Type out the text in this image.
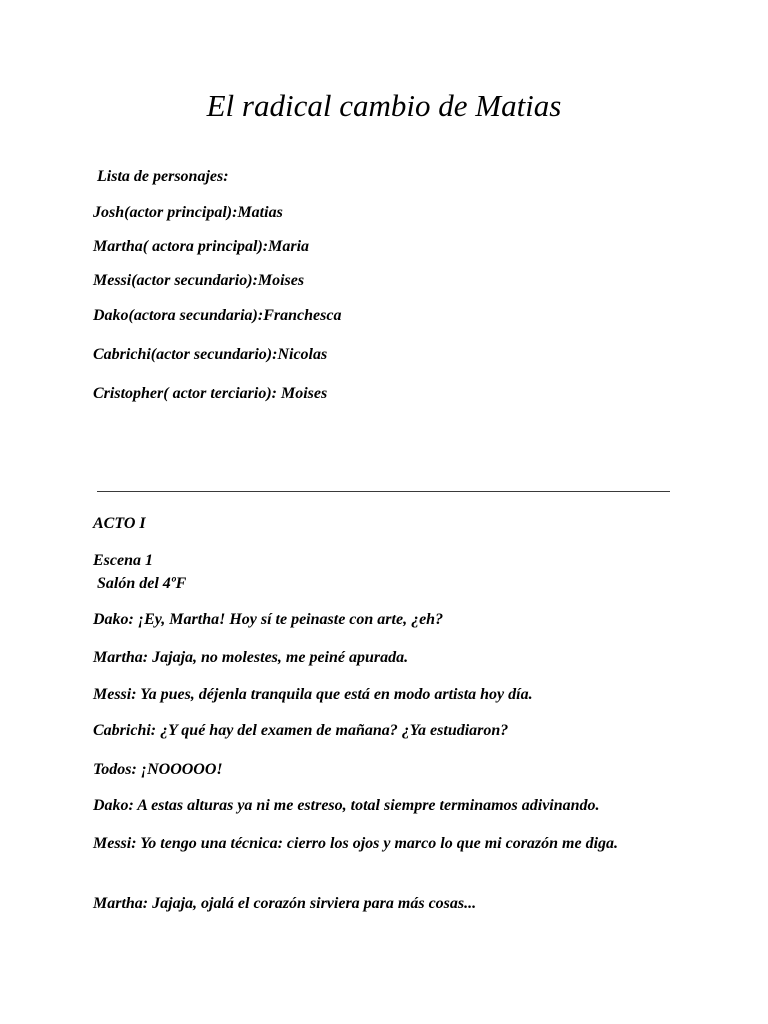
El radical cambio de Matias

Lista de personajes:

Josh(actor principal):Matias

Martha( actora principal):Maria

Messi(actor secundario):Moises

Dako(actora secundaria):Franchesca

Cabrichi(actor secundario):Nicolas

Cristopher( actor terciario): Moises

ACTO I

Escena 1

Salón del 4ºF

Dako: ¡Ey, Martha! Hoy sí te peinaste con arte, ¿eh?

Martha: Jajaja, no molestes, me peiné apurada.

Messi: Ya pues, déjenla tranquila que está en modo artista hoy día.

Cabrichi: ¿Y qué hay del examen de mañana? ¿Ya estudiaron?

Todos: ¡NOOOOO!

Dako: A estas alturas ya ni me estreso, total siempre terminamos adivinando.

Messi: Yo tengo una técnica: cierro los ojos y marco lo que mi corazón me diga.

Martha: Jajaja, ojalá el corazón sirviera para más cosas...
